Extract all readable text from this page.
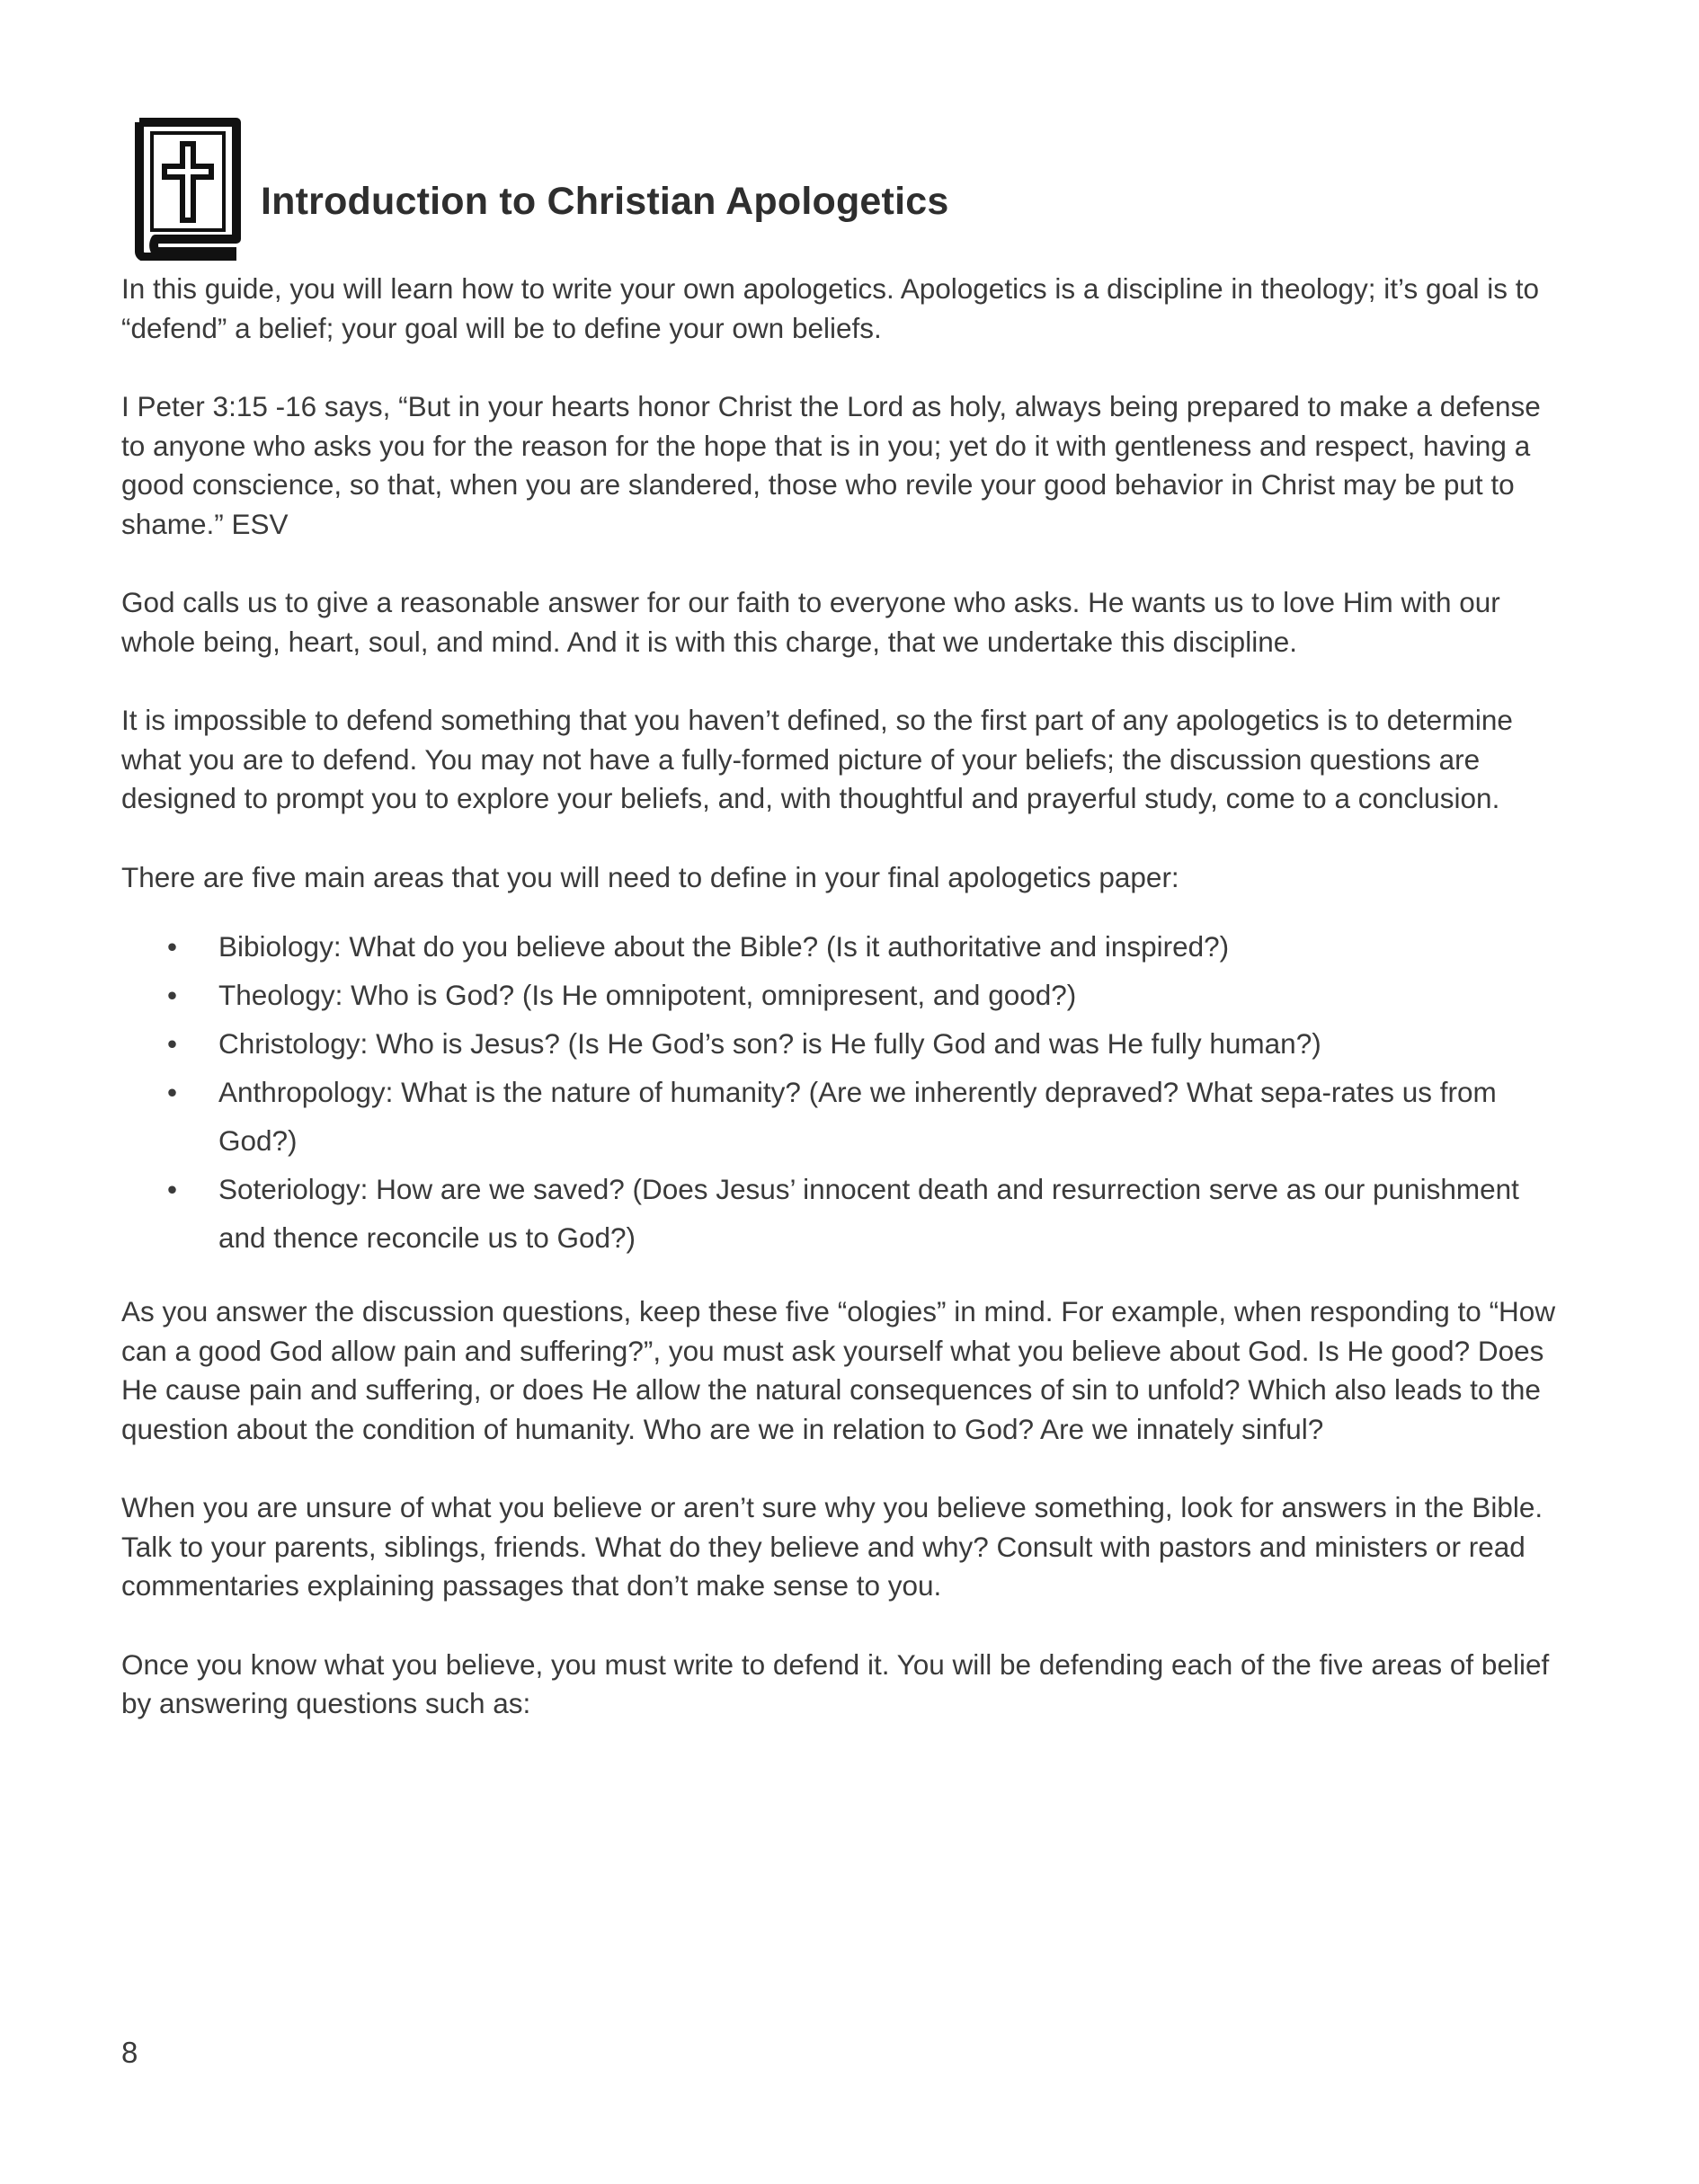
Introduction to Christian Apologetics

In this guide, you will learn how to write your own apologetics. Apologetics is a discipline in theology; it’s goal is to “defend” a belief; your goal will be to define your own beliefs.

I Peter 3:15 -16 says, “But in your hearts honor Christ the Lord as holy, always being prepared to make a defense to anyone who asks you for the reason for the hope that is in you; yet do it with gentleness and respect, having a good conscience, so that, when you are slandered, those who revile your good behavior in Christ may be put to shame.” ESV

God calls us to give a reasonable answer for our faith to everyone who asks. He wants us to love Him with our whole being, heart, soul, and mind. And it is with this charge, that we undertake this discipline.

It is impossible to defend something that you haven’t defined, so the first part of any apologetics is to determine what you are to defend. You may not have a fully-formed picture of your beliefs; the discussion questions are designed to prompt you to explore your beliefs, and, with thoughtful and prayerful study, come to a conclusion.

There are five main areas that you will need to define in your final apologetics paper:

• Bibiology: What do you believe about the Bible? (Is it authoritative and inspired?)
• Theology: Who is God? (Is He omnipotent, omnipresent, and good?)
• Christology: Who is Jesus? (Is He God’s son? is He fully God and was He fully human?)
• Anthropology: What is the nature of humanity? (Are we inherently depraved? What sepa-rates us from God?)
• Soteriology: How are we saved? (Does Jesus’ innocent death and resurrection serve as our punishment and thence reconcile us to God?)

As you answer the discussion questions, keep these five “ologies” in mind. For example, when responding to “How can a good God allow pain and suffering?”, you must ask yourself what you believe about God. Is He good? Does He cause pain and suffering, or does He allow the natural consequences of sin to unfold? Which also leads to the question about the condition of humanity. Who are we in relation to God? Are we innately sinful?

When you are unsure of what you believe or aren’t sure why you believe something, look for answers in the Bible. Talk to your parents, siblings, friends. What do they believe and why? Consult with pastors and ministers or read commentaries explaining passages that don’t make sense to you.

Once you know what you believe, you must write to defend it. You will be defending each of the five areas of belief by answering questions such as:

8
